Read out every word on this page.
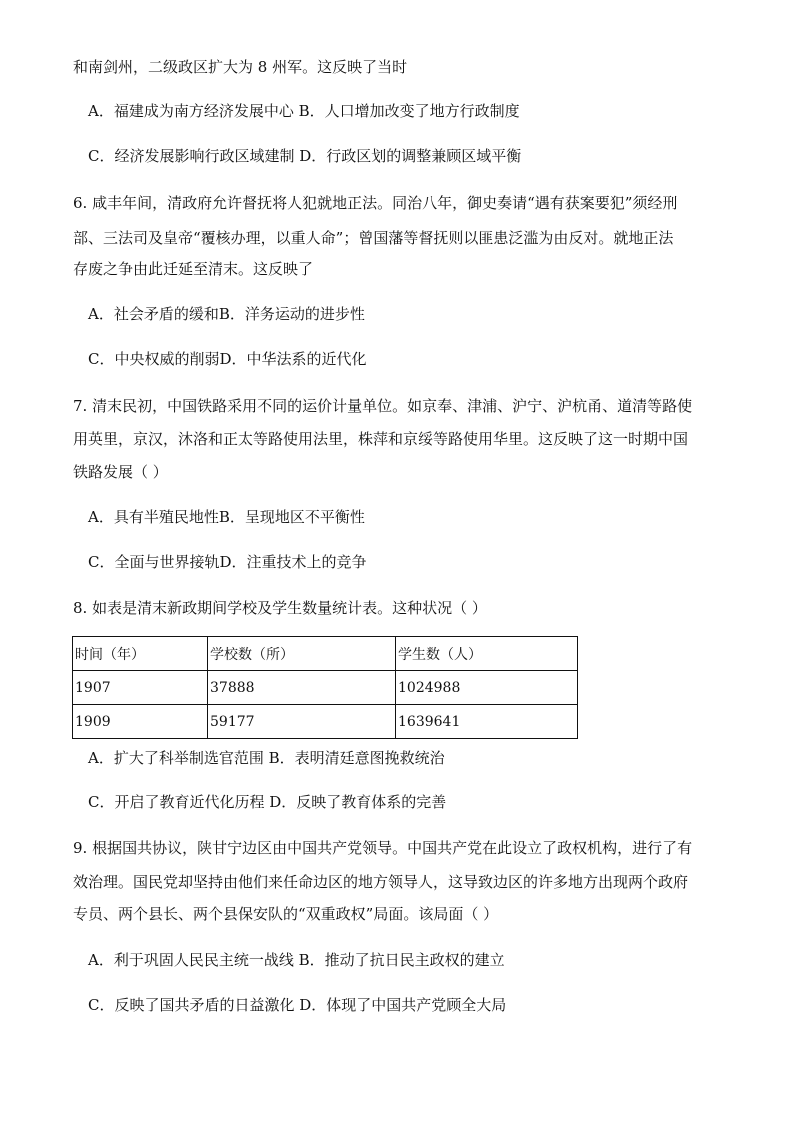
和南剑州，二级政区扩大为 8 州军。这反映了当时
A．福建成为南方经济发展中心 B．人口增加改变了地方行政制度
C．经济发展影响行政区域建制 D．行政区划的调整兼顾区域平衡
6. 咸丰年间，清政府允许督抚将人犯就地正法。同治八年，御史奏请“遇有获案要犯”须经刑
部、三法司及皇帝“覆核办理，以重人命”；曾国藩等督抚则以匪患泛滥为由反对。就地正法
存废之争由此迁延至清末。这反映了
A．社会矛盾的缓和B．洋务运动的进步性
C．中央权威的削弱D．中华法系的近代化
7. 清末民初，中国铁路采用不同的运价计量单位。如京奉、津浦、沪宁、沪杭甬、道清等路使
用英里，京汉，沐洛和正太等路使用法里，株萍和京绥等路使用华里。这反映了这一时期中国
铁路发展（ ）
A．具有半殖民地性B．呈现地区不平衡性
C．全面与世界接轨D．注重技术上的竞争
8. 如表是清末新政期间学校及学生数量统计表。这种状况（ ）
时间（年）	学校数（所）	学生数（人）
1907	37888	1024988
1909	59177	1639641
A．扩大了科举制选官范围 B．表明清廷意图挽救统治
C．开启了教育近代化历程 D．反映了教育体系的完善
9. 根据国共协议，陕甘宁边区由中国共产党领导。中国共产党在此设立了政权机构，进行了有
效治理。国民党却坚持由他们来任命边区的地方领导人，这导致边区的许多地方出现两个政府
专员、两个县长、两个县保安队的“双重政权”局面。该局面（ ）
A．利于巩固人民民主统一战线 B．推动了抗日民主政权的建立
C．反映了国共矛盾的日益激化 D．体现了中国共产党顾全大局
